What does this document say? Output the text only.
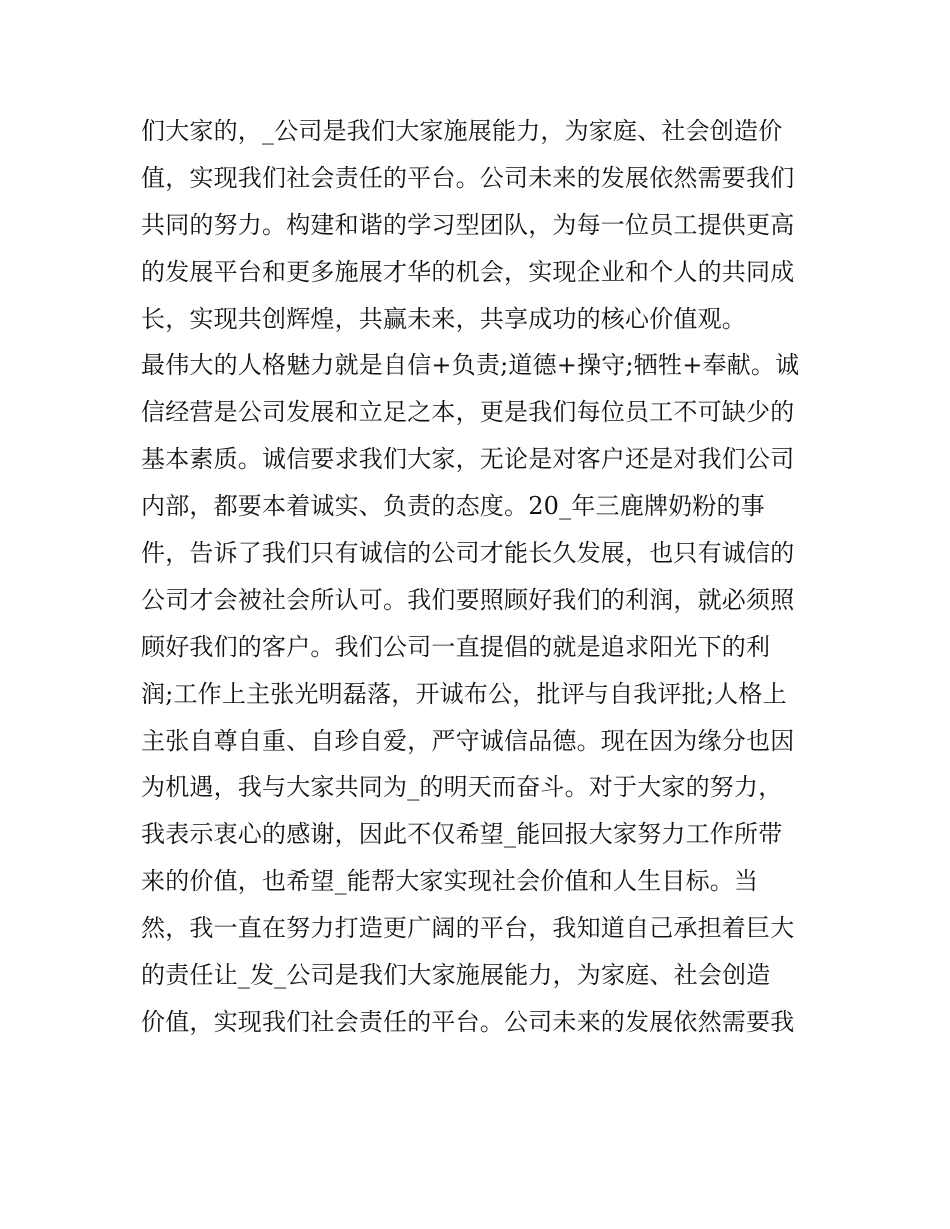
们大家的，_公司是我们大家施展能力，为家庭、社会创造价
值，实现我们社会责任的平台。公司未来的发展依然需要我们
共同的努力。构建和谐的学习型团队，为每一位员工提供更高
的发展平台和更多施展才华的机会，实现企业和个人的共同成
长，实现共创辉煌，共赢未来，共享成功的核心价值观。
最伟大的人格魅力就是自信+负责;道德+操守;牺牲+奉献。诚
信经营是公司发展和立足之本，更是我们每位员工不可缺少的
基本素质。诚信要求我们大家，无论是对客户还是对我们公司
内部，都要本着诚实、负责的态度。20_年三鹿牌奶粉的事
件，告诉了我们只有诚信的公司才能长久发展，也只有诚信的
公司才会被社会所认可。我们要照顾好我们的利润，就必须照
顾好我们的客户。我们公司一直提倡的就是追求阳光下的利
润;工作上主张光明磊落，开诚布公，批评与自我评批;人格上
主张自尊自重、自珍自爱，严守诚信品德。现在因为缘分也因
为机遇，我与大家共同为_的明天而奋斗。对于大家的努力，
我表示衷心的感谢，因此不仅希望_能回报大家努力工作所带
来的价值，也希望_能帮大家实现社会价值和人生目标。当
然，我一直在努力打造更广阔的平台，我知道自己承担着巨大
的责任让_发_公司是我们大家施展能力，为家庭、社会创造
价值，实现我们社会责任的平台。公司未来的发展依然需要我
